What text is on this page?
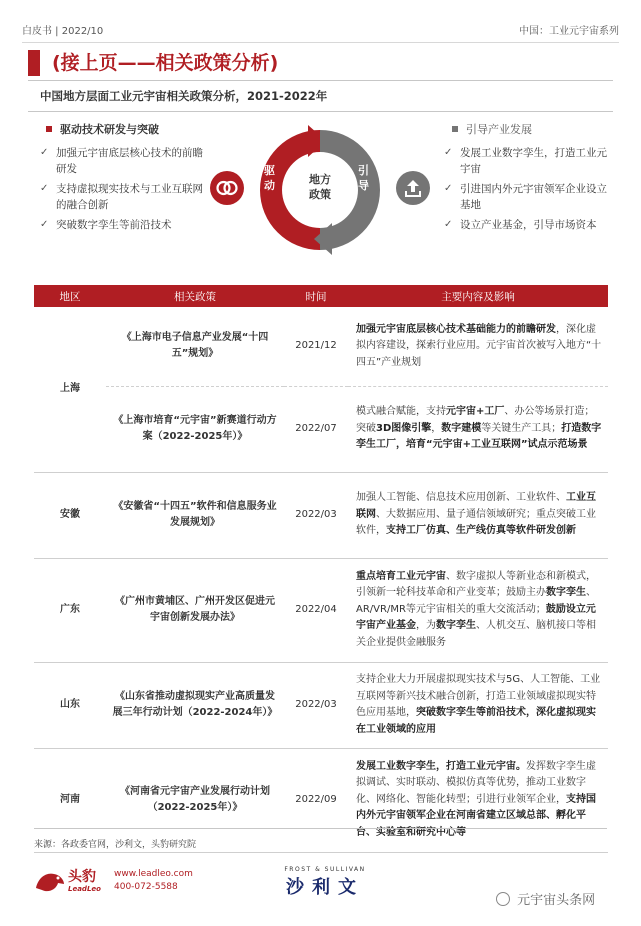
白皮书 | 2022/10	中国：工业元宇宙系列
(接上页——相关政策分析)
中国地方层面工业元宇宙相关政策分析，2021-2022年
驱动技术研发与突破
✓ 加强元宇宙底层核心技术的前瞻研发
✓ 支持虚拟现实技术与工业互联网的融合创新
✓ 突破数字孪生等前沿技术
地方
政策
驱动
引导
引导产业发展
✓ 发展工业数字孪生，打造工业元宇宙
✓ 引进国内外元宇宙领军企业设立基地
✓ 设立产业基金，引导市场资本
地区	相关政策	时间	主要内容及影响
上海	《上海市电子信息产业发展“十四五”规划》	2021/12	加强元宇宙底层核心技术基础能力的前瞻研发，深化虚拟内容建设，探索行业应用。元宇宙首次被写入地方“十四五”产业规划
	《上海市培育“元宇宙”新赛道行动方案（2022-2025年）》	2022/07	模式融合赋能，支持元宇宙+工厂、办公等场景打造；突破3D图像引擎，数字建模等关键生产工具；打造数字孪生工厂，培育“元宇宙+工业互联网”试点示范场景
安徽	《安徽省“十四五”软件和信息服务业发展规划》	2022/03	加强人工智能、信息技术应用创新、工业软件、工业互联网、大数据应用、量子通信领域研究；重点突破工业软件，支持工厂仿真、生产线仿真等软件研发创新
广东	《广州市黄埔区、广州开发区促进元宇宙创新发展办法》	2022/04	重点培育工业元宇宙、数字虚拟人等新业态和新模式，引领新一轮科技革命和产业变革；鼓励主办数字孪生、AR/VR/MR等元宇宙相关的重大交流活动；鼓励设立元宇宙产业基金，为数字孪生、人机交互、脑机接口等相关企业提供金融服务
山东	《山东省推动虚拟现实产业高质量发展三年行动计划（2022-2024年）》	2022/03	支持企业大力开展虚拟现实技术与5G、人工智能、工业互联网等新兴技术融合创新，打造工业领域虚拟现实特色应用基地，突破数字孪生等前沿技术，深化虚拟现实在工业领域的应用
河南	《河南省元宇宙产业发展行动计划（2022-2025年）》	2022/09	发展工业数字孪生，打造工业元宇宙。发挥数字孪生虚拟调试、实时联动、模拟仿真等优势，推动工业数字化、网络化、智能化转型；引进行业领军企业，支持国内外元宇宙领军企业在河南省建立区域总部、孵化平台、实验室和研究中心等
来源：各政委官网，沙利文，头豹研究院
头豹
LeadLeo
www.leadleo.com
400-072-5588
FROST & SULLIVAN
沙利文
元宇宙头条网
